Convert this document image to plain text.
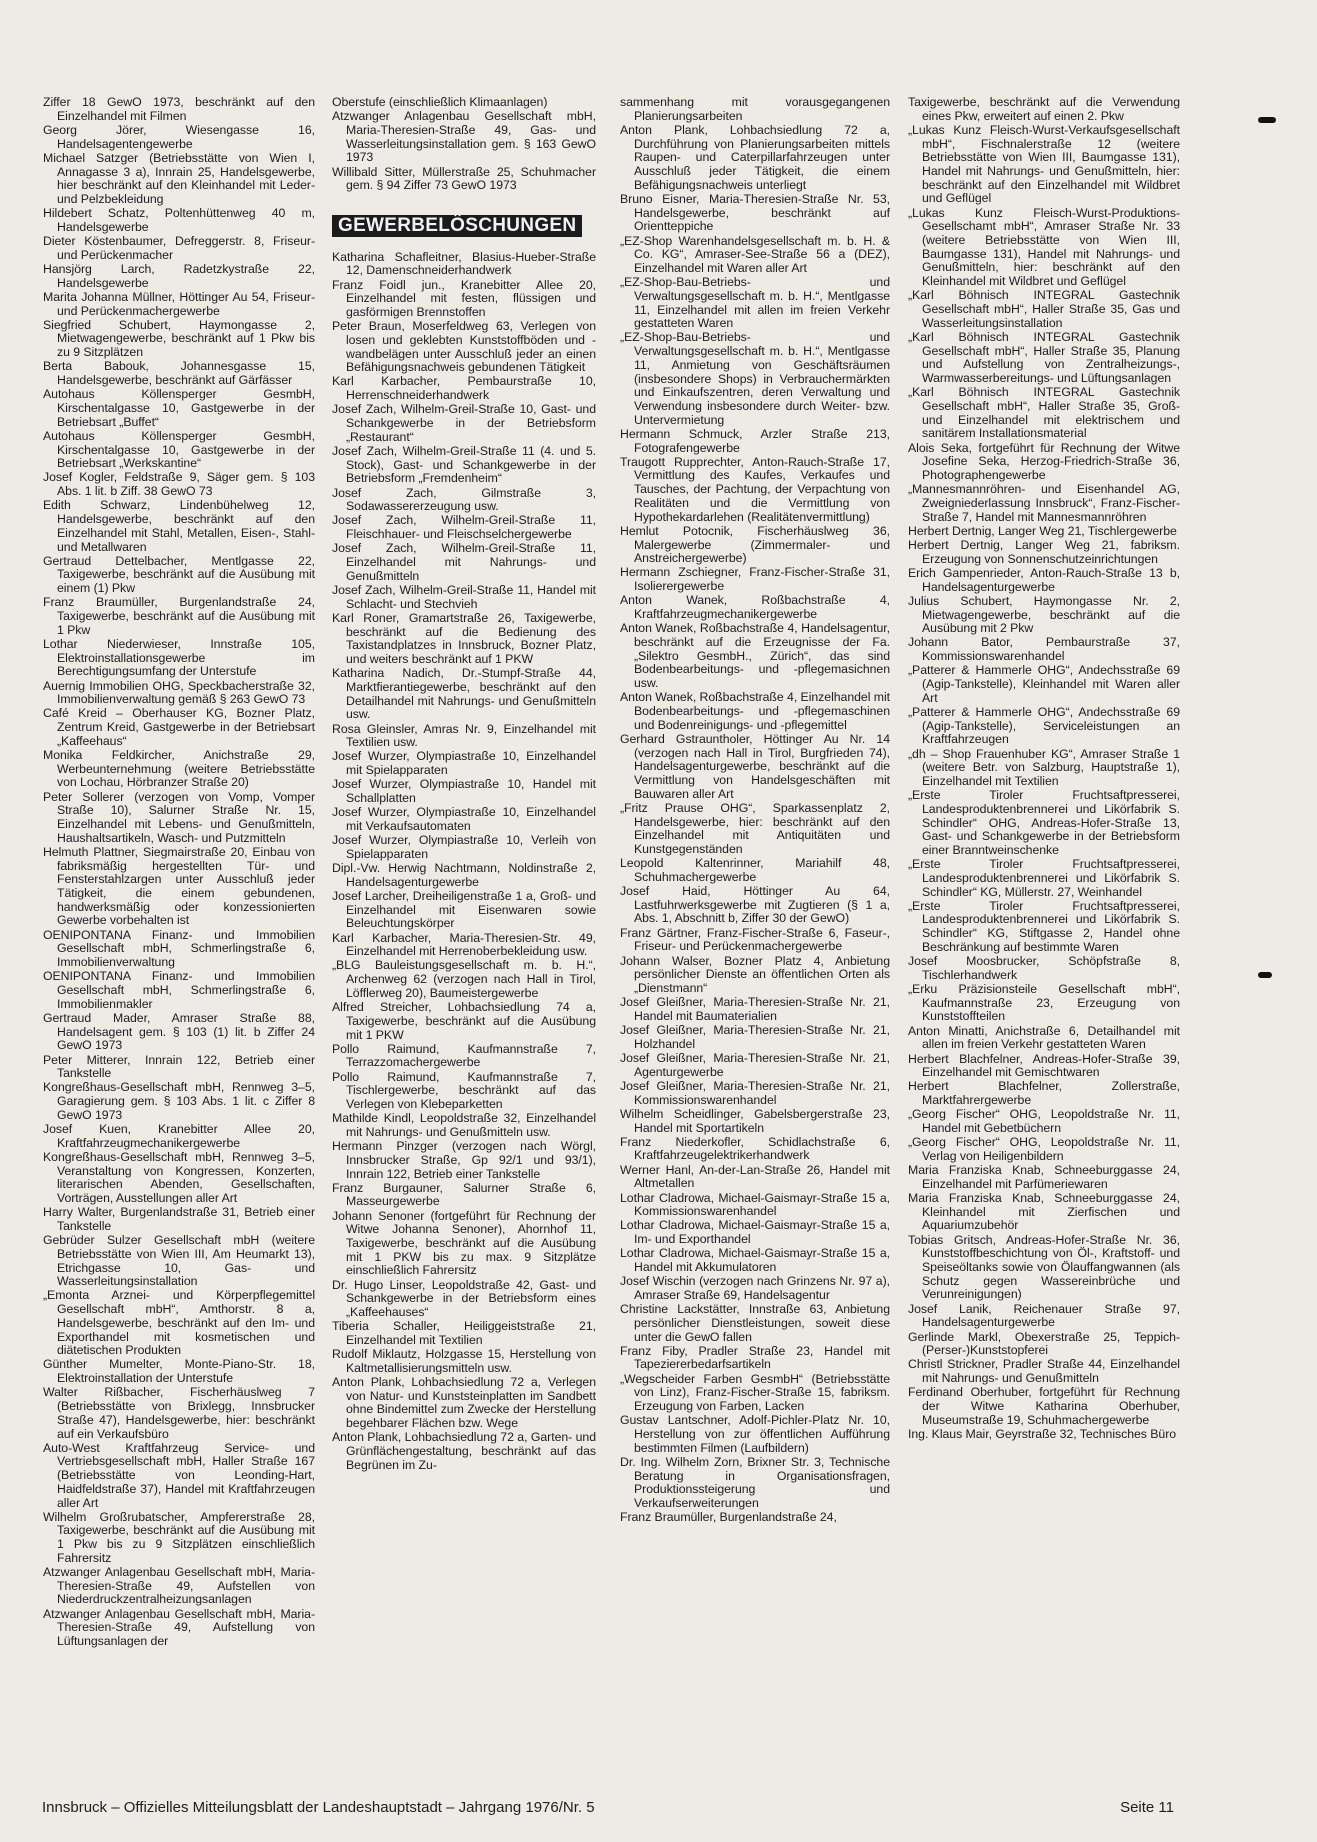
Ziffer 18 GewO 1973, beschränkt auf den Einzelhandel mit Filmen

Georg Jörer, Wiesengasse 16, Handelsagentengewerbe

Michael Satzger (Betriebsstätte von Wien I, Annagasse 3 a), Innrain 25, Handelsgewerbe, hier beschränkt auf den Kleinhandel mit Leder- und Pelzbekleidung

Hildebert Schatz, Poltenhüttenweg 40 m, Handelsgewerbe

Dieter Köstenbaumer, Defreggerstr. 8, Friseur- und Perückenmacher

Hansjörg Larch, Radetzkystraße 22, Handelsgewerbe

Marita Johanna Müllner, Höttinger Au 54, Friseur- und Perückenmachergewerbe

Siegfried Schubert, Haymongasse 2, Mietwagengewerbe, beschränkt auf 1 Pkw bis zu 9 Sitzplätzen

Berta Babouk, Johannesgasse 15, Handelsgewerbe, beschränkt auf Gärfässer

Autohaus Köllensperger GesmbH, Kirschentalgasse 10, Gastgewerbe in der Betriebsart „Buffet“

Autohaus Köllensperger GesmbH, Kirschentalgasse 10, Gastgewerbe in der Betriebsart „Werkskantine“

Josef Kogler, Feldstraße 9, Säger gem. § 103 Abs. 1 lit. b Ziff. 38 GewO 73

Edith Schwarz, Lindenbühelweg 12, Handelsgewerbe, beschränkt auf den Einzelhandel mit Stahl, Metallen, Eisen-, Stahl- und Metallwaren

Gertraud Dettelbacher, Mentlgasse 22, Taxigewerbe, beschränkt auf die Ausübung mit einem (1) Pkw

Franz Braumüller, Burgenlandstraße 24, Taxigewerbe, beschränkt auf die Ausübung mit 1 Pkw

Lothar Niederwieser, Innstraße 105, Elektroinstallationsgewerbe im Berechtigungsumfang der Unterstufe

Auernig Immobilien OHG, Speckbacherstraße 32, Immobilienverwaltung gemäß § 263 GewO 73

Café Kreid – Oberhauser KG, Bozner Platz, Zentrum Kreid, Gastgewerbe in der Betriebsart „Kaffeehaus“

Monika Feldkircher, Anichstraße 29, Werbeunternehmung (weitere Betriebsstätte von Lochau, Hörbranzer Straße 20)

Peter Sollerer (verzogen von Vomp, Vomper Straße 10), Salurner Straße Nr. 15, Einzelhandel mit Lebens- und Genußmitteln, Haushaltsartikeln, Wasch- und Putzmitteln

Helmuth Plattner, Siegmairstraße 20, Einbau von fabriksmäßig hergestellten Tür- und Fensterstahlzargen unter Ausschluß jeder Tätigkeit, die einem gebundenen, handwerksmäßig oder konzessionierten Gewerbe vorbehalten ist

OENIPONTANA Finanz- und Immobilien Gesellschaft mbH, Schmerlingstraße 6, Immobilienverwaltung

OENIPONTANA Finanz- und Immobilien Gesellschaft mbH, Schmerlingstraße 6, Immobilienmakler

Gertraud Mader, Amraser Straße 88, Handelsagent gem. § 103 (1) lit. b Ziffer 24 GewO 1973

Peter Mitterer, Innrain 122, Betrieb einer Tankstelle

Kongreßhaus-Gesellschaft mbH, Rennweg 3–5, Garagierung gem. § 103 Abs. 1 lit. c Ziffer 8 GewO 1973

Josef Kuen, Kranebitter Allee 20, Kraftfahrzeugmechanikergewerbe

Kongreßhaus-Gesellschaft mbH, Rennweg 3–5, Veranstaltung von Kongressen, Konzerten, literarischen Abenden, Gesellschaften, Vorträgen, Ausstellungen aller Art

Harry Walter, Burgenlandstraße 31, Betrieb einer Tankstelle

Gebrüder Sulzer Gesellschaft mbH (weitere Betriebsstätte von Wien III, Am Heumarkt 13), Etrichgasse 10, Gas- und Wasserleitungsinstallation

„Emonta Arznei- und Körperpflegemittel Gesellschaft mbH“, Amthorstr. 8 a, Handelsgewerbe, beschränkt auf den Im- und Exporthandel mit kosmetischen und diätetischen Produkten

Günther Mumelter, Monte-Piano-Str. 18, Elektroinstallation der Unterstufe

Walter Rißbacher, Fischerhäuslweg 7 (Betriebsstätte von Brixlegg, Innsbrucker Straße 47), Handelsgewerbe, hier: beschränkt auf ein Verkaufsbüro

Auto-West Kraftfahrzeug Service- und Vertriebsgesellschaft mbH, Haller Straße 167 (Betriebsstätte von Leonding-Hart, Haidfeldstraße 37), Handel mit Kraftfahrzeugen aller Art

Wilhelm Großrubatscher, Ampfererstraße 28, Taxigewerbe, beschränkt auf die Ausübung mit 1 Pkw bis zu 9 Sitzplätzen einschließlich Fahrersitz

Atzwanger Anlagenbau Gesellschaft mbH, Maria-Theresien-Straße 49, Aufstellen von Niederdruckzentralheizungsanlagen

Atzwanger Anlagenbau Gesellschaft mbH, Maria-Theresien-Straße 49, Aufstellung von Lüftungsanlagen der

Oberstufe (einschließlich Klimaanlagen)

Atzwanger Anlagenbau Gesellschaft mbH, Maria-Theresien-Straße 49, Gas- und Wasserleitungsinstallation gem. § 163 GewO 1973

Willibald Sitter, Müllerstraße 25, Schuhmacher gem. § 94 Ziffer 73 GewO 1973

GEWERBELÖSCHUNGEN

Katharina Schafleitner, Blasius-Hueber-Straße 12, Damenschneiderhandwerk

Franz Foidl jun., Kranebitter Allee 20, Einzelhandel mit festen, flüssigen und gasförmigen Brennstoffen

Peter Braun, Moserfeldweg 63, Verlegen von losen und geklebten Kunststoffböden und -wandbelägen unter Ausschluß jeder an einen Befähigungsnachweis gebundenen Tätigkeit

Karl Karbacher, Pembaurstraße 10, Herrenschneiderhandwerk

Josef Zach, Wilhelm-Greil-Straße 10, Gast- und Schankgewerbe in der Betriebsform „Restaurant“

Josef Zach, Wilhelm-Greil-Straße 11 (4. und 5. Stock), Gast- und Schankgewerbe in der Betriebsform „Fremdenheim“

Josef Zach, Gilmstraße 3, Sodawassererzeugung usw.

Josef Zach, Wilhelm-Greil-Straße 11, Fleischhauer- und Fleischselchergewerbe

Josef Zach, Wilhelm-Greil-Straße 11, Einzelhandel mit Nahrungs- und Genußmitteln

Josef Zach, Wilhelm-Greil-Straße 11, Handel mit Schlacht- und Stechvieh

Karl Roner, Gramartstraße 26, Taxigewerbe, beschränkt auf die Bedienung des Taxistandplatzes in Innsbruck, Bozner Platz, und weiters beschränkt auf 1 PKW

Katharina Nadich, Dr.-Stumpf-Straße 44, Marktfierantiegewerbe, beschränkt auf den Detailhandel mit Nahrungs- und Genußmitteln usw.

Rosa Gleinsler, Amras Nr. 9, Einzelhandel mit Textilien usw.

Josef Wurzer, Olympiastraße 10, Einzelhandel mit Spielapparaten

Josef Wurzer, Olympiastraße 10, Handel mit Schallplatten

Josef Wurzer, Olympiastraße 10, Einzelhandel mit Verkaufsautomaten

Josef Wurzer, Olympiastraße 10, Verleih von Spielapparaten

Dipl.-Vw. Herwig Nachtmann, Noldinstraße 2, Handelsagenturgewerbe

Josef Larcher, Dreiheiligenstraße 1 a, Groß- und Einzelhandel mit Eisenwaren sowie Beleuchtungskörper

Karl Karbacher, Maria-Theresien-Str. 49, Einzelhandel mit Herrenoberbekleidung usw.

„BLG Bauleistungsgesellschaft m. b. H.“, Archenweg 62 (verzogen nach Hall in Tirol, Löfflerweg 20), Baumeistergewerbe

Alfred Streicher, Lohbachsiedlung 74 a, Taxigewerbe, beschränkt auf die Ausübung mit 1 PKW

Pollo Raimund, Kaufmannstraße 7, Terrazzomachergewerbe

Pollo Raimund, Kaufmannstraße 7, Tischlergewerbe, beschränkt auf das Verlegen von Klebeparketten

Mathilde Kindl, Leopoldstraße 32, Einzelhandel mit Nahrungs- und Genußmitteln usw.

Hermann Pinzger (verzogen nach Wörgl, Innsbrucker Straße, Gp 92/1 und 93/1), Innrain 122, Betrieb einer Tankstelle

Franz Burgauner, Salurner Straße 6, Masseurgewerbe

Johann Senoner (fortgeführt für Rechnung der Witwe Johanna Senoner), Ahornhof 11, Taxigewerbe, beschränkt auf die Ausübung mit 1 PKW bis zu max. 9 Sitzplätze einschließlich Fahrersitz

Dr. Hugo Linser, Leopoldstraße 42, Gast- und Schankgewerbe in der Betriebsform eines „Kaffeehauses“

Tiberia Schaller, Heiliggeiststraße 21, Einzelhandel mit Textilien

Rudolf Miklautz, Holzgasse 15, Herstellung von Kaltmetallisierungsmitteln usw.

Anton Plank, Lohbachsiedlung 72 a, Verlegen von Natur- und Kunststeinplatten im Sandbett ohne Bindemittel zum Zwecke der Herstellung begehbarer Flächen bzw. Wege

Anton Plank, Lohbachsiedlung 72 a, Garten- und Grünflächengestaltung, beschränkt auf das Begrünen im Zu-

sammenhang mit vorausgegangenen Planierungsarbeiten

Anton Plank, Lohbachsiedlung 72 a, Durchführung von Planierungsarbeiten mittels Raupen- und Caterpillarfahrzeugen unter Ausschluß jeder Tätigkeit, die einem Befähigungsnachweis unterliegt

Bruno Eisner, Maria-Theresien-Straße Nr. 53, Handelsgewerbe, beschränkt auf Orientteppiche

„EZ-Shop Warenhandelsgesellschaft m. b. H. & Co. KG“, Amraser-See-Straße 56 a (DEZ), Einzelhandel mit Waren aller Art

„EZ-Shop-Bau-Betriebs- und Verwaltungsgesellschaft m. b. H.“, Mentlgasse 11, Einzelhandel mit allen im freien Verkehr gestatteten Waren

„EZ-Shop-Bau-Betriebs- und Verwaltungsgesellschaft m. b. H.“, Mentlgasse 11, Anmietung von Geschäftsräumen (insbesondere Shops) in Verbrauchermärkten und Einkaufszentren, deren Verwaltung und Verwendung insbesondere durch Weiter- bzw. Untervermietung

Hermann Schmuck, Arzler Straße 213, Fotografengewerbe

Traugott Rupprechter, Anton-Rauch-Straße 17, Vermittlung des Kaufes, Verkaufes und Tausches, der Pachtung, der Verpachtung von Realitäten und die Vermittlung von Hypothekardarlehen (Realitätenvermittlung)

Hemlut Potocnik, Fischerhäuslweg 36, Malergewerbe (Zimmermaler- und Anstreichergewerbe)

Hermann Zschiegner, Franz-Fischer-Straße 31, Isolierergewerbe

Anton Wanek, Roßbachstraße 4, Kraftfahrzeugmechanikergewerbe

Anton Wanek, Roßbachstraße 4, Handelsagentur, beschränkt auf die Erzeugnisse der Fa. „Silektro GesmbH., Zürich“, das sind Bodenbearbeitungs- und -pflegemasichnen usw.

Anton Wanek, Roßbachstraße 4, Einzelhandel mit Bodenbearbeitungs- und -pflegemaschinen und Bodenreinigungs- und -pflegemittel

Gerhard Gstrauntholer, Höttinger Au Nr. 14 (verzogen nach Hall in Tirol, Burgfrieden 74), Handelsagenturgewerbe, beschränkt auf die Vermittlung von Handelsgeschäften mit Bauwaren aller Art

„Fritz Prause OHG“, Sparkassenplatz 2, Handelsgewerbe, hier: beschränkt auf den Einzelhandel mit Antiquitäten und Kunstgegenständen

Leopold Kaltenrinner, Mariahilf 48, Schuhmachergewerbe

Josef Haid, Höttinger Au 64, Lastfuhrwerksgewerbe mit Zugtieren (§ 1 a, Abs. 1, Abschnitt b, Ziffer 30 der GewO)

Franz Gärtner, Franz-Fischer-Straße 6, Faseur-, Friseur- und Perückenmachergewerbe

Johann Walser, Bozner Platz 4, Anbietung persönlicher Dienste an öffentlichen Orten als „Dienstmann“

Josef Gleißner, Maria-Theresien-Straße Nr. 21, Handel mit Baumaterialien

Josef Gleißner, Maria-Theresien-Straße Nr. 21, Holzhandel

Josef Gleißner, Maria-Theresien-Straße Nr. 21, Agenturgewerbe

Josef Gleißner, Maria-Theresien-Straße Nr. 21, Kommissionswarenhandel

Wilhelm Scheidlinger, Gabelsbergerstraße 23, Handel mit Sportartikeln

Franz Niederkofler, Schidlachstraße 6, Kraftfahrzeugelektrikerhandwerk

Werner Hanl, An-der-Lan-Straße 26, Handel mit Altmetallen

Lothar Cladrowa, Michael-Gaismayr-Straße 15 a, Kommissionswarenhandel

Lothar Cladrowa, Michael-Gaismayr-Straße 15 a, Im- und Exporthandel

Lothar Cladrowa, Michael-Gaismayr-Straße 15 a, Handel mit Akkumulatoren

Josef Wischin (verzogen nach Grinzens Nr. 97 a), Amraser Straße 69, Handelsagentur

Christine Lackstätter, Innstraße 63, Anbietung persönlicher Dienstleistungen, soweit diese unter die GewO fallen

Franz Fiby, Pradler Straße 23, Handel mit Tapeziererbedarfsartikeln

„Wegscheider Farben GesmbH“ (Betriebsstätte von Linz), Franz-Fischer-Straße 15, fabriksm. Erzeugung von Farben, Lacken

Gustav Lantschner, Adolf-Pichler-Platz Nr. 10, Herstellung von zur öffentlichen Aufführung bestimmten Filmen (Laufbildern)

Dr. Ing. Wilhelm Zorn, Brixner Str. 3, Technische Beratung in Organisationsfragen, Produktionssteigerung und Verkaufserweiterungen

Franz Braumüller, Burgenlandstraße 24,

Taxigewerbe, beschränkt auf die Verwendung eines Pkw, erweitert auf einen 2. Pkw

„Lukas Kunz Fleisch-Wurst-Verkaufsgesellschaft mbH“, Fischnalerstraße 12 (weitere Betriebsstätte von Wien III, Baumgasse 131), Handel mit Nahrungs- und Genußmitteln, hier: beschränkt auf den Einzelhandel mit Wildbret und Geflügel

„Lukas Kunz Fleisch-Wurst-Produktions-Gesellschamt mbH“, Amraser Straße Nr. 33 (weitere Betriebsstätte von Wien III, Baumgasse 131), Handel mit Nahrungs- und Genußmitteln, hier: beschränkt auf den Kleinhandel mit Wildbret und Geflügel

„Karl Böhnisch INTEGRAL Gastechnik Gesellschaft mbH“, Haller Straße 35, Gas und Wasserleitungsinstallation

„Karl Böhnisch INTEGRAL Gastechnik Gesellschaft mbH“, Haller Straße 35, Planung und Aufstellung von Zentralheizungs-, Warmwasserbereitungs- und Lüftungsanlagen

„Karl Böhnisch INTEGRAL Gastechnik Gesellschaft mbH“, Haller Straße 35, Groß- und Einzelhandel mit elektrischem und sanitärem Installationsmaterial

Alois Seka, fortgeführt für Rechnung der Witwe Josefine Seka, Herzog-Friedrich-Straße 36, Photographengewerbe

„Mannesmannröhren- und Eisenhandel AG, Zweigniederlassung Innsbruck“, Franz-Fischer-Straße 7, Handel mit Mannesmannröhren

Herbert Dertnig, Langer Weg 21, Tischlergewerbe

Herbert Dertnig, Langer Weg 21, fabriksm. Erzeugung von Sonnenschutzeinrichtungen

Erich Gampenrieder, Anton-Rauch-Straße 13 b, Handelsagenturgewerbe

Julius Schubert, Haymongasse Nr. 2, Mietwagengewerbe, beschränkt auf die Ausübung mit 2 Pkw

Johann Bator, Pembaurstraße 37, Kommissionswarenhandel

„Patterer & Hammerle OHG“, Andechsstraße 69 (Agip-Tankstelle), Kleinhandel mit Waren aller Art

„Patterer & Hammerle OHG“, Andechsstraße 69 (Agip-Tankstelle), Serviceleistungen an Kraftfahrzeugen

„dh – Shop Frauenhuber KG“, Amraser Straße 1 (weitere Betr. von Salzburg, Hauptstraße 1), Einzelhandel mit Textilien

„Erste Tiroler Fruchtsaftpresserei, Landesproduktenbrennerei und Likörfabrik S. Schindler“ OHG, Andreas-Hofer-Straße 13, Gast- und Schankgewerbe in der Betriebsform einer Branntweinschenke

„Erste Tiroler Fruchtsaftpresserei, Landesproduktenbrennerei und Likörfabrik S. Schindler“ KG, Müllerstr. 27, Weinhandel

„Erste Tiroler Fruchtsaftpresserei, Landesproduktenbrennerei und Likörfabrik S. Schindler“ KG, Stiftgasse 2, Handel ohne Beschränkung auf bestimmte Waren

Josef Moosbrucker, Schöpfstraße 8, Tischlerhandwerk

„Erku Präzisionsteile Gesellschaft mbH“, Kaufmannstraße 23, Erzeugung von Kunststoffteilen

Anton Minatti, Anichstraße 6, Detailhandel mit allen im freien Verkehr gestatteten Waren

Herbert Blachfelner, Andreas-Hofer-Straße 39, Einzelhandel mit Gemischtwaren

Herbert Blachfelner, Zollerstraße, Marktfahrergewerbe

„Georg Fischer“ OHG, Leopoldstraße Nr. 11, Handel mit Gebetbüchern

„Georg Fischer“ OHG, Leopoldstraße Nr. 11, Verlag von Heiligenbildern

Maria Franziska Knab, Schneeburggasse 24, Einzelhandel mit Parfümeriewaren

Maria Franziska Knab, Schneeburggasse 24, Kleinhandel mit Zierfischen und Aquariumzubehör

Tobias Gritsch, Andreas-Hofer-Straße Nr. 36, Kunststoffbeschichtung von Öl-, Kraftstoff- und Speiseöltanks sowie von Ölauffangwannen (als Schutz gegen Wassereinbrüche und Verunreinigungen)

Josef Lanik, Reichenauer Straße 97, Handelsagenturgewerbe

Gerlinde Markl, Obexerstraße 25, Teppich-(Perser-)Kunststopferei

Christl Strickner, Pradler Straße 44, Einzelhandel mit Nahrungs- und Genußmitteln

Ferdinand Oberhuber, fortgeführt für Rechnung der Witwe Katharina Oberhuber, Museumstraße 19, Schuhmachergewerbe

Ing. Klaus Mair, Geyrstraße 32, Technisches Büro

Innsbruck – Offizielles Mitteilungsblatt der Landeshauptstadt – Jahrgang 1976/Nr. 5	Seite 11
